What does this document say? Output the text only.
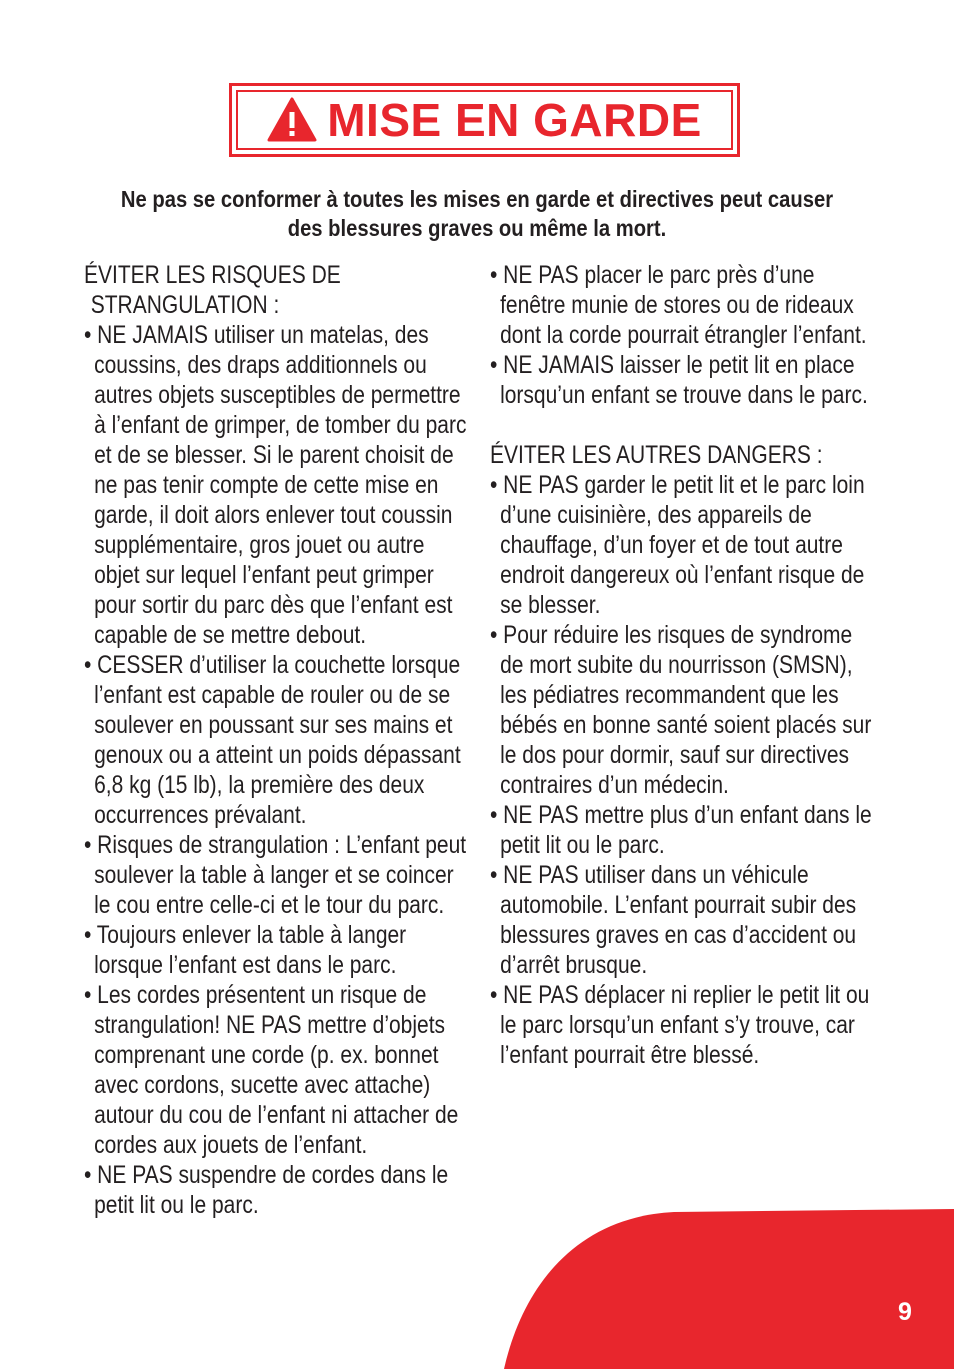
MISE EN GARDE
Ne pas se conformer à toutes les mises en garde et directives peut causer des blessures graves ou même la mort.

ÉVITER LES RISQUES DE STRANGULATION :

• NE JAMAIS utiliser un matelas, des coussins, des draps additionnels ou autres objets susceptibles de permettre à l’enfant de grimper, de tomber du parc et de se blesser. Si le parent choisit de ne pas tenir compte de cette mise en garde, il doit alors enlever tout coussin supplémentaire, gros jouet ou autre objet sur lequel l’enfant peut grimper pour sortir du parc dès que l’enfant est capable de se mettre debout.

• CESSER d’utiliser la couchette lorsque l’enfant est capable de rouler ou de se soulever en poussant sur ses mains et genoux ou a atteint un poids dépassant 6,8 kg (15 lb), la première des deux occurrences prévalant.

• Risques de strangulation : L’enfant peut soulever la table à langer et se coincer le cou entre celle-ci et le tour du parc.

• Toujours enlever la table à langer lorsque l’enfant est dans le parc.

• Les cordes présentent un risque de strangulation! NE PAS mettre d’objets comprenant une corde (p. ex. bonnet avec cordons, sucette avec attache) autour du cou de l’enfant ni attacher de cordes aux jouets de l’enfant.

• NE PAS suspendre de cordes dans le petit lit ou le parc.

• NE PAS placer le parc près d’une fenêtre munie de stores ou de rideaux dont la corde pourrait étrangler l’enfant.

• NE JAMAIS laisser le petit lit en place lorsqu’un enfant se trouve dans le parc.

ÉVITER LES AUTRES DANGERS :

• NE PAS garder le petit lit et le parc loin d’une cuisinière, des appareils de chauffage, d’un foyer et de tout autre endroit dangereux où l’enfant risque de se blesser.

• Pour réduire les risques de syndrome de mort subite du nourrisson (SMSN), les pédiatres recommandent que les bébés en bonne santé soient placés sur le dos pour dormir, sauf sur directives contraires d’un médecin.

• NE PAS mettre plus d’un enfant dans le petit lit ou le parc.

• NE PAS utiliser dans un véhicule automobile. L’enfant pourrait subir des blessures graves en cas d’accident ou d’arrêt brusque.

• NE PAS déplacer ni replier le petit lit ou le parc lorsqu’un enfant s’y trouve, car l’enfant pourrait être blessé.

9
